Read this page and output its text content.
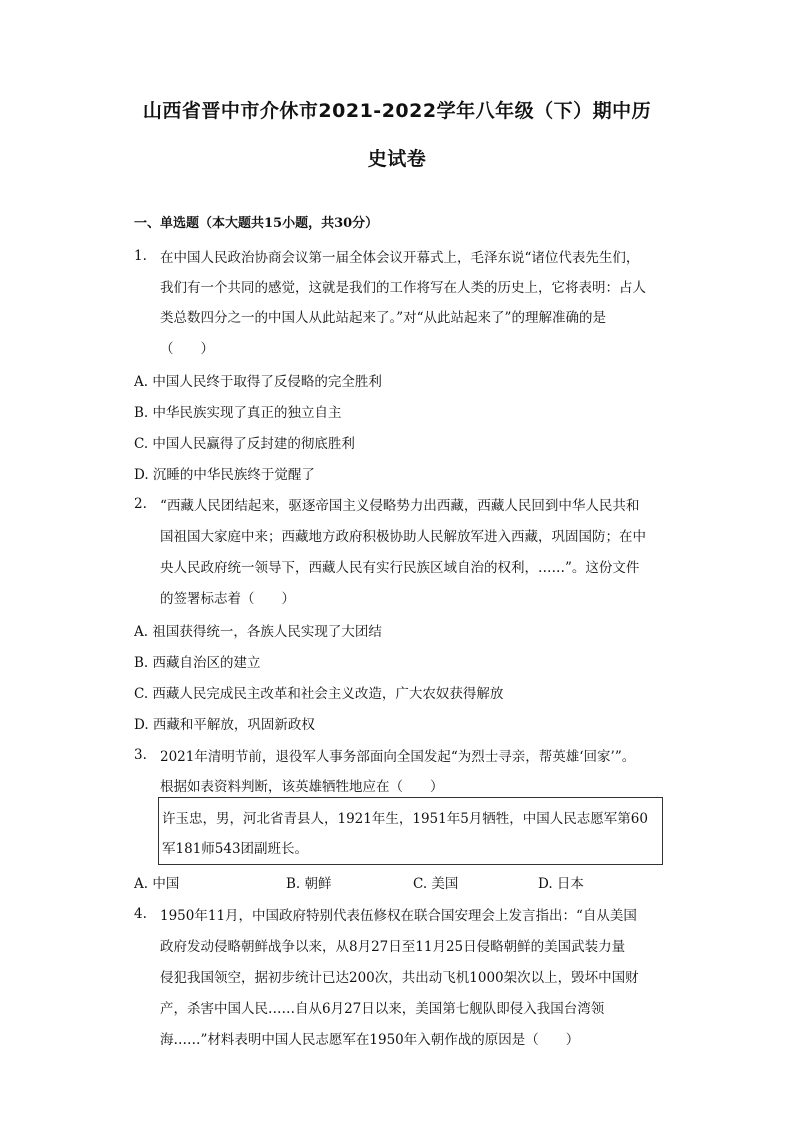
山西省晋中市介休市2021-2022学年八年级（下）期中历
史试卷
一、单选题（本大题共15小题，共30分）
1. 在中国人民政治协商会议第一届全体会议开幕式上，毛泽东说“诸位代表先生们，
我们有一个共同的感觉，这就是我们的工作将写在人类的历史上，它将表明：占人
类总数四分之一的中国人从此站起来了。”对“从此站起来了”的理解准确的是
（　　）
A. 中国人民终于取得了反侵略的完全胜利
B. 中华民族实现了真正的独立自主
C. 中国人民赢得了反封建的彻底胜利
D. 沉睡的中华民族终于觉醒了
2. “西藏人民团结起来，驱逐帝国主义侵略势力出西藏，西藏人民回到中华人民共和
国祖国大家庭中来；西藏地方政府积极协助人民解放军进入西藏，巩固国防；在中
央人民政府统一领导下，西藏人民有实行民族区域自治的权利，……”。这份文件
的签署标志着（　　）
A. 祖国获得统一，各族人民实现了大团结
B. 西藏自治区的建立
C. 西藏人民完成民主改革和社会主义改造，广大农奴获得解放
D. 西藏和平解放，巩固新政权
3. 2021年清明节前，退役军人事务部面向全国发起“为烈士寻亲，帮英雄‘回家’”。
根据如表资料判断，该英雄牺牲地应在（　　）
许玉忠，男，河北省青县人，1921年生，1951年5月牺牲，中国人民志愿军第60
军181师543团副班长。
A. 中国	B. 朝鲜	C. 美国	D. 日本
4. 1950年11月，中国政府特别代表伍修权在联合国安理会上发言指出：“自从美国
政府发动侵略朝鲜战争以来，从8月27日至11月25日侵略朝鲜的美国武装力量
侵犯我国领空，据初步统计已达200次，共出动飞机1000架次以上，毁坏中国财
产，杀害中国人民……自从6月27日以来，美国第七舰队即侵入我国台湾领
海……”材料表明中国人民志愿军在1950年入朝作战的原因是（　　）
